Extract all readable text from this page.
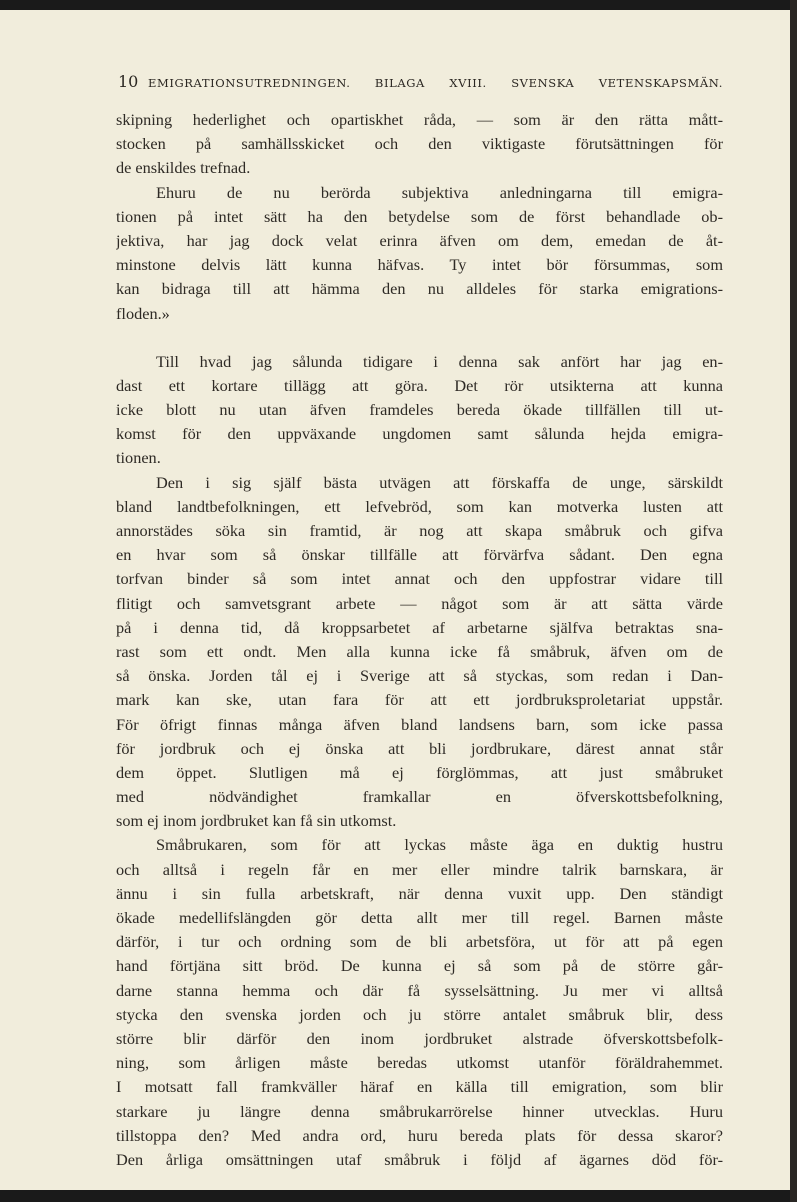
10 EMIGRATIONSUTREDNINGEN. BILAGA XVIII. SVENSKA VETENSKAPSMÄN.
skipning hederlighet och opartiskhet råda, — som är den rätta mått-
stocken på samhällsskicket och den viktigaste förutsättningen för
de enskildes trefnad.
Ehuru de nu berörda subjektiva anledningarna till emigra-
tionen på intet sätt ha den betydelse som de först behandlade ob-
jektiva, har jag dock velat erinra äfven om dem, emedan de åt-
minstone delvis lätt kunna häfvas. Ty intet bör försummas, som
kan bidraga till att hämma den nu alldeles för starka emigrations-
floden.»
Till hvad jag sålunda tidigare i denna sak anfört har jag en-
dast ett kortare tillägg att göra. Det rör utsikterna att kunna
icke blott nu utan äfven framdeles bereda ökade tillfällen till ut-
komst för den uppväxande ungdomen samt sålunda hejda emigra-
tionen.
Den i sig själf bästa utvägen att förskaffa de unge, särskildt
bland landtbefolkningen, ett lefvebröd, som kan motverka lusten att
annorstädes söka sin framtid, är nog att skapa småbruk och gifva
en hvar som så önskar tillfälle att förvärfva sådant. Den egna
torfvan binder så som intet annat och den uppfostrar vidare till
flitigt och samvetsgrant arbete — något som är att sätta värde
på i denna tid, då kroppsarbetet af arbetarne själfva betraktas sna-
rast som ett ondt. Men alla kunna icke få småbruk, äfven om de
så önska. Jorden tål ej i Sverige att så styckas, som redan i Dan-
mark kan ske, utan fara för att ett jordbruksproletariat uppstår.
För öfrigt finnas många äfven bland landsens barn, som icke passa
för jordbruk och ej önska att bli jordbrukare, därest annat står
dem öppet. Slutligen må ej förglömmas, att just småbruket
med nödvändighet framkallar en öfverskottsbefolkning,
som ej inom jordbruket kan få sin utkomst.
Småbrukaren, som för att lyckas måste äga en duktig hustru
och alltså i regeln får en mer eller mindre talrik barnskara, är
ännu i sin fulla arbetskraft, när denna vuxit upp. Den ständigt
ökade medellifslängden gör detta allt mer till regel. Barnen måste
därför, i tur och ordning som de bli arbetsföra, ut för att på egen
hand förtjäna sitt bröd. De kunna ej så som på de större går-
darne stanna hemma och där få sysselsättning. Ju mer vi alltså
stycka den svenska jorden och ju större antalet småbruk blir, dess
större blir därför den inom jordbruket alstrade öfverskottsbefolk-
ning, som årligen måste beredas utkomst utanför föräldrahemmet.
I motsatt fall framkväller häraf en källa till emigration, som blir
starkare ju längre denna småbrukarrörelse hinner utvecklas. Huru
tillstoppa den? Med andra ord, huru bereda plats för dessa skaror?
Den årliga omsättningen utaf småbruk i följd af ägarnes död för-
